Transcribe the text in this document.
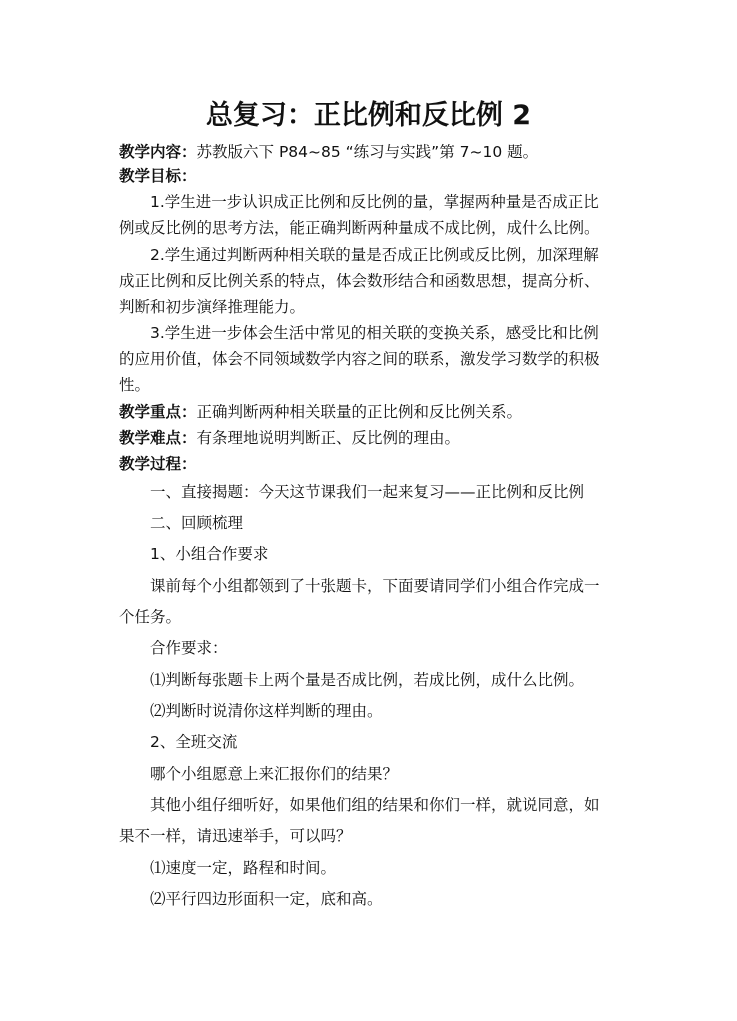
总复习：正比例和反比例 2
教学内容：苏教版六下 P84~85 “练习与实践”第 7~10 题。
教学目标：
1.学生进一步认识成正比例和反比例的量，掌握两种量是否成正比
例或反比例的思考方法，能正确判断两种量成不成比例，成什么比例。
2.学生通过判断两种相关联的量是否成正比例或反比例，加深理解
成正比例和反比例关系的特点，体会数形结合和函数思想，提高分析、
判断和初步演绎推理能力。
3.学生进一步体会生活中常见的相关联的变换关系，感受比和比例
的应用价值，体会不同领域数学内容之间的联系，激发学习数学的积极
性。
教学重点：正确判断两种相关联量的正比例和反比例关系。
教学难点：有条理地说明判断正、反比例的理由。
教学过程：
一、直接揭题：今天这节课我们一起来复习——正比例和反比例
二、回顾梳理
1、小组合作要求
课前每个小组都领到了十张题卡，下面要请同学们小组合作完成一
个任务。
合作要求：
⑴判断每张题卡上两个量是否成比例，若成比例，成什么比例。
⑵判断时说清你这样判断的理由。
2、全班交流
哪个小组愿意上来汇报你们的结果？
其他小组仔细听好，如果他们组的结果和你们一样，就说同意，如
果不一样，请迅速举手，可以吗？
⑴速度一定，路程和时间。
⑵平行四边形面积一定，底和高。
